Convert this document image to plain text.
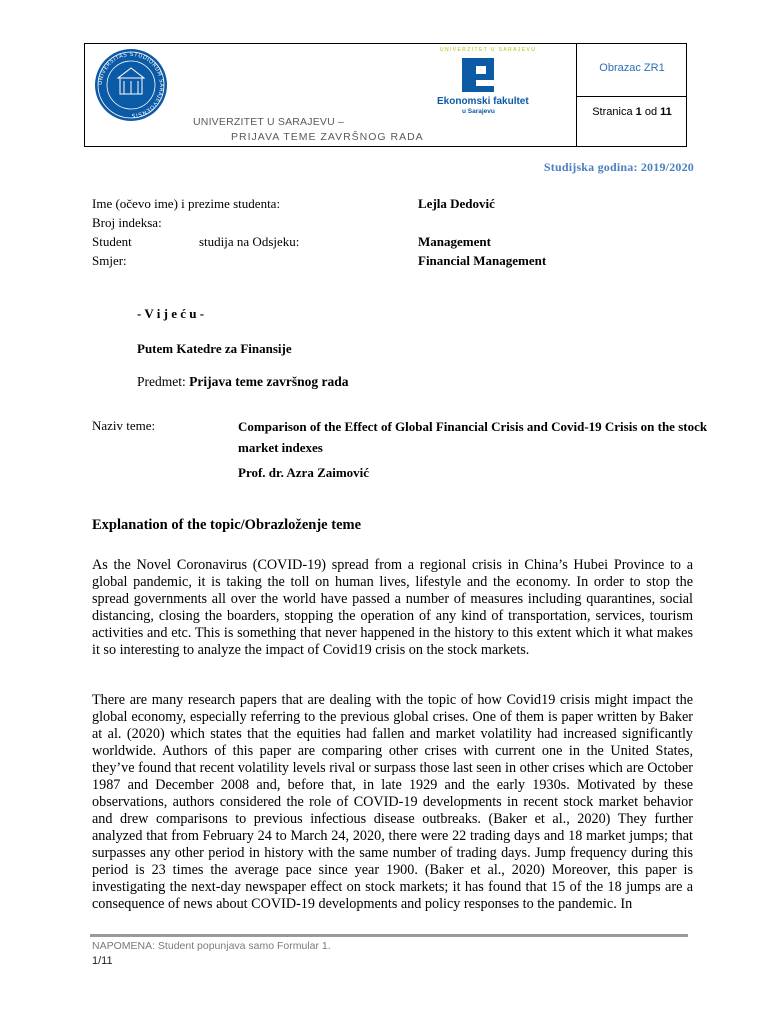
UNIVERSITAS STUDIORUM SARAJEVOENSIS
UNIVERZITET U SARAJEVU –
PRIJAVA TEME ZAVRŠNOG RADA
UNIVERZITET U SARAJEVU
Ekonomski fakultet
u Sarajevu
Obrazac ZR1
Stranica 1 od 11
Studijska godina: 2019/2020
Ime (očevo ime) i prezime studenta:	Lejla Dedović
Broj indeksa:
Student	studija na Odsjeku:	Management
Smjer:	Financial Management
- V i j e ć u -
Putem Katedre za Finansije
Predmet: Prijava teme završnog rada
Naziv teme:	Comparison of the Effect of Global Financial Crisis and Covid-19 Crisis on the stock market indexes
Prof. dr. Azra Zaimović
Explanation of the topic/Obrazloženje teme
As the Novel Coronavirus (COVID-19) spread from a regional crisis in China’s Hubei Province to a global pandemic, it is taking the toll on human lives, lifestyle and the economy. In order to stop the spread governments all over the world have passed a number of measures including quarantines, social distancing, closing the boarders, stopping the operation of any kind of transportation, services, tourism activities and etc. This is something that never happened in the history to this extent which it what makes it so interesting to analyze the impact of Covid19 crisis on the stock markets.
There are many research papers that are dealing with the topic of how Covid19 crisis might impact the global economy, especially referring to the previous global crises. One of them is paper written by Baker at al. (2020) which states that the equities had fallen and market volatility had increased significantly worldwide. Authors of this paper are comparing other crises with current one in the United States, they’ve found that recent volatility levels rival or surpass those last seen in other crises which are October 1987 and December 2008 and, before that, in late 1929 and the early 1930s. Motivated by these observations, authors considered the role of COVID-19 developments in recent stock market behavior and drew comparisons to previous infectious disease outbreaks. (Baker et al., 2020) They further analyzed that from February 24 to March 24, 2020, there were 22 trading days and 18 market jumps; that surpasses any other period in history with the same number of trading days. Jump frequency during this period is 23 times the average pace since year 1900. (Baker et al., 2020) Moreover, this paper is investigating the next-day newspaper effect on stock markets; it has found that 15 of the 18 jumps are a consequence of news about COVID-19 developments and policy responses to the pandemic. In
NAPOMENA: Student popunjava samo Formular 1.
1/11
